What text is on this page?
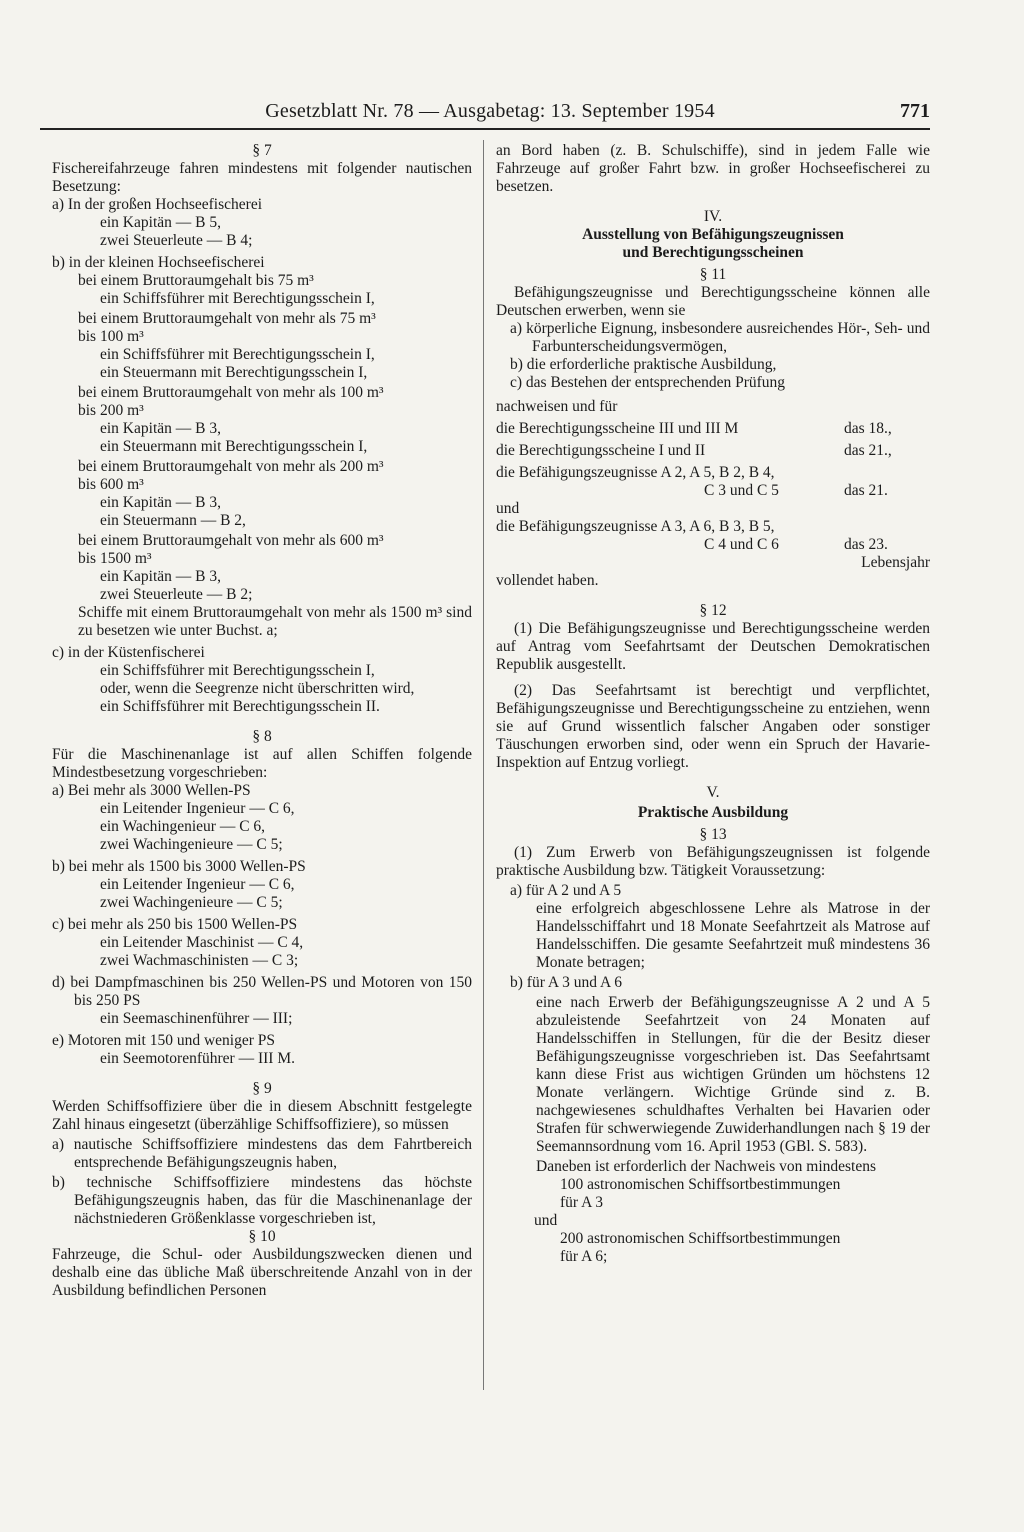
Gesetzblatt Nr. 78 — Ausgabetag: 13. September 1954	771
§ 7
Fischereifahrzeuge fahren mindestens mit folgender nautischen Besetzung:
a) In der großen Hochseefischerei
ein Kapitän — B 5,
zwei Steuerleute — B 4;
b) in der kleinen Hochseefischerei
bei einem Bruttoraumgehalt bis 75 m³
ein Schiffsführer mit Berechtigungsschein I,
bei einem Bruttoraumgehalt von mehr als 75 m³
bis 100 m³
ein Schiffsführer mit Berechtigungsschein I,
ein Steuermann mit Berechtigungsschein I,
bei einem Bruttoraumgehalt von mehr als 100 m³
bis 200 m³
ein Kapitän — B 3,
ein Steuermann mit Berechtigungsschein I,
bei einem Bruttoraumgehalt von mehr als 200 m³
bis 600 m³
ein Kapitän — B 3,
ein Steuermann — B 2,
bei einem Bruttoraumgehalt von mehr als 600 m³
bis 1500 m³
ein Kapitän — B 3,
zwei Steuerleute — B 2;
Schiffe mit einem Bruttoraumgehalt von mehr als 1500 m³ sind zu besetzen wie unter Buchst. a;
c) in der Küstenfischerei
ein Schiffsführer mit Berechtigungsschein I,
oder, wenn die Seegrenze nicht überschritten wird,
ein Schiffsführer mit Berechtigungsschein II.
§ 8
Für die Maschinenanlage ist auf allen Schiffen folgende Mindestbesetzung vorgeschrieben:
a) Bei mehr als 3000 Wellen-PS
ein Leitender Ingenieur — C 6,
ein Wachingenieur — C 6,
zwei Wachingenieure — C 5;
b) bei mehr als 1500 bis 3000 Wellen-PS
ein Leitender Ingenieur — C 6,
zwei Wachingenieure — C 5;
c) bei mehr als 250 bis 1500 Wellen-PS
ein Leitender Maschinist — C 4,
zwei Wachmaschinisten — C 3;
d) bei Dampfmaschinen bis 250 Wellen-PS und Motoren von 150 bis 250 PS
ein Seemaschinenführer — III;
e) Motoren mit 150 und weniger PS
ein Seemotorenführer — III M.
§ 9
Werden Schiffsoffiziere über die in diesem Abschnitt festgelegte Zahl hinaus eingesetzt (überzählige Schiffsoffiziere), so müssen
a) nautische Schiffsoffiziere mindestens das dem Fahrtbereich entsprechende Befähigungszeugnis haben,
b) technische Schiffsoffiziere mindestens das höchste Befähigungszeugnis haben, das für die Maschinenanlage der nächstniederen Größenklasse vorgeschrieben ist,
§ 10
Fahrzeuge, die Schul- oder Ausbildungszwecken dienen und deshalb eine das übliche Maß überschreitende Anzahl von in der Ausbildung befindlichen Personen
an Bord haben (z. B. Schulschiffe), sind in jedem Falle wie Fahrzeuge auf großer Fahrt bzw. in großer Hochseefischerei zu besetzen.
IV.
Ausstellung von Befähigungszeugnissen
und Berechtigungsscheinen
§ 11
Befähigungszeugnisse und Berechtigungsscheine können alle Deutschen erwerben, wenn sie
a) körperliche Eignung, insbesondere ausreichendes Hör-, Seh- und Farbunterscheidungsvermögen,
b) die erforderliche praktische Ausbildung,
c) das Bestehen der entsprechenden Prüfung
nachweisen und für
die Berechtigungsscheine III und III M	das 18.,
die Berechtigungsscheine I und II	das 21.,
die Befähigungszeugnisse A 2, A 5, B 2, B 4,
C 3 und C 5	das 21.
und
die Befähigungszeugnisse A 3, A 6, B 3, B 5,
C 4 und C 6	das 23.
Lebensjahr
vollendet haben.
§ 12
(1) Die Befähigungszeugnisse und Berechtigungsscheine werden auf Antrag vom Seefahrtsamt der Deutschen Demokratischen Republik ausgestellt.
(2) Das Seefahrtsamt ist berechtigt und verpflichtet, Befähigungszeugnisse und Berechtigungsscheine zu entziehen, wenn sie auf Grund wissentlich falscher Angaben oder sonstiger Täuschungen erworben sind, oder wenn ein Spruch der Havarie-Inspektion auf Entzug vorliegt.
V.
Praktische Ausbildung
§ 13
(1) Zum Erwerb von Befähigungszeugnissen ist folgende praktische Ausbildung bzw. Tätigkeit Voraussetzung:
a) für A 2 und A 5
eine erfolgreich abgeschlossene Lehre als Matrose in der Handelsschiffahrt und 18 Monate Seefahrtzeit als Matrose auf Handelsschiffen. Die gesamte Seefahrtzeit muß mindestens 36 Monate betragen;
b) für A 3 und A 6
eine nach Erwerb der Befähigungszeugnisse A 2 und A 5 abzuleistende Seefahrtzeit von 24 Monaten auf Handelsschiffen in Stellungen, für die der Besitz dieser Befähigungszeugnisse vorgeschrieben ist. Das Seefahrtsamt kann diese Frist aus wichtigen Gründen um höchstens 12 Monate verlängern. Wichtige Gründe sind z. B. nachgewiesenes schuldhaftes Verhalten bei Havarien oder Strafen für schwerwiegende Zuwiderhandlungen nach § 19 der Seemannsordnung vom 16. April 1953 (GBl. S. 583).
Daneben ist erforderlich der Nachweis von mindestens
100 astronomischen Schiffsortbestimmungen
für A 3
und
200 astronomischen Schiffsortbestimmungen
für A 6;
